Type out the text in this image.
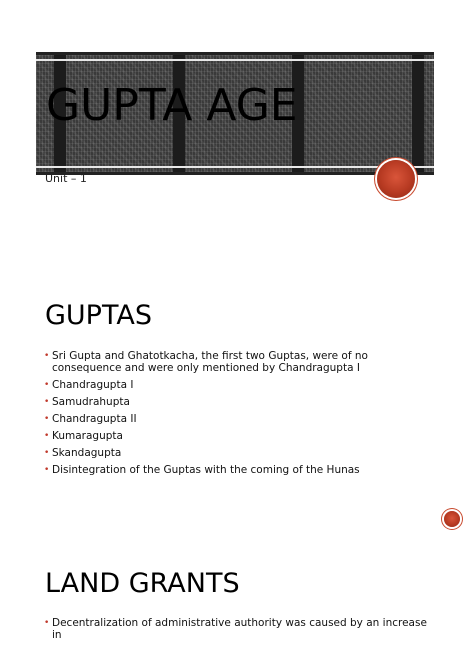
GUPTA AGE
Unit – 1
GUPTAS
• Sri Gupta and Ghatotkacha, the first two Guptas, were of no consequence and were only mentioned by Chandragupta I
• Chandragupta I
• Samudrahupta
• Chandragupta II
• Kumaragupta
• Skandagupta
• Disintegration of the Guptas with the coming of the Hunas
LAND GRANTS
• Decentralization of administrative authority was caused by an increase in
